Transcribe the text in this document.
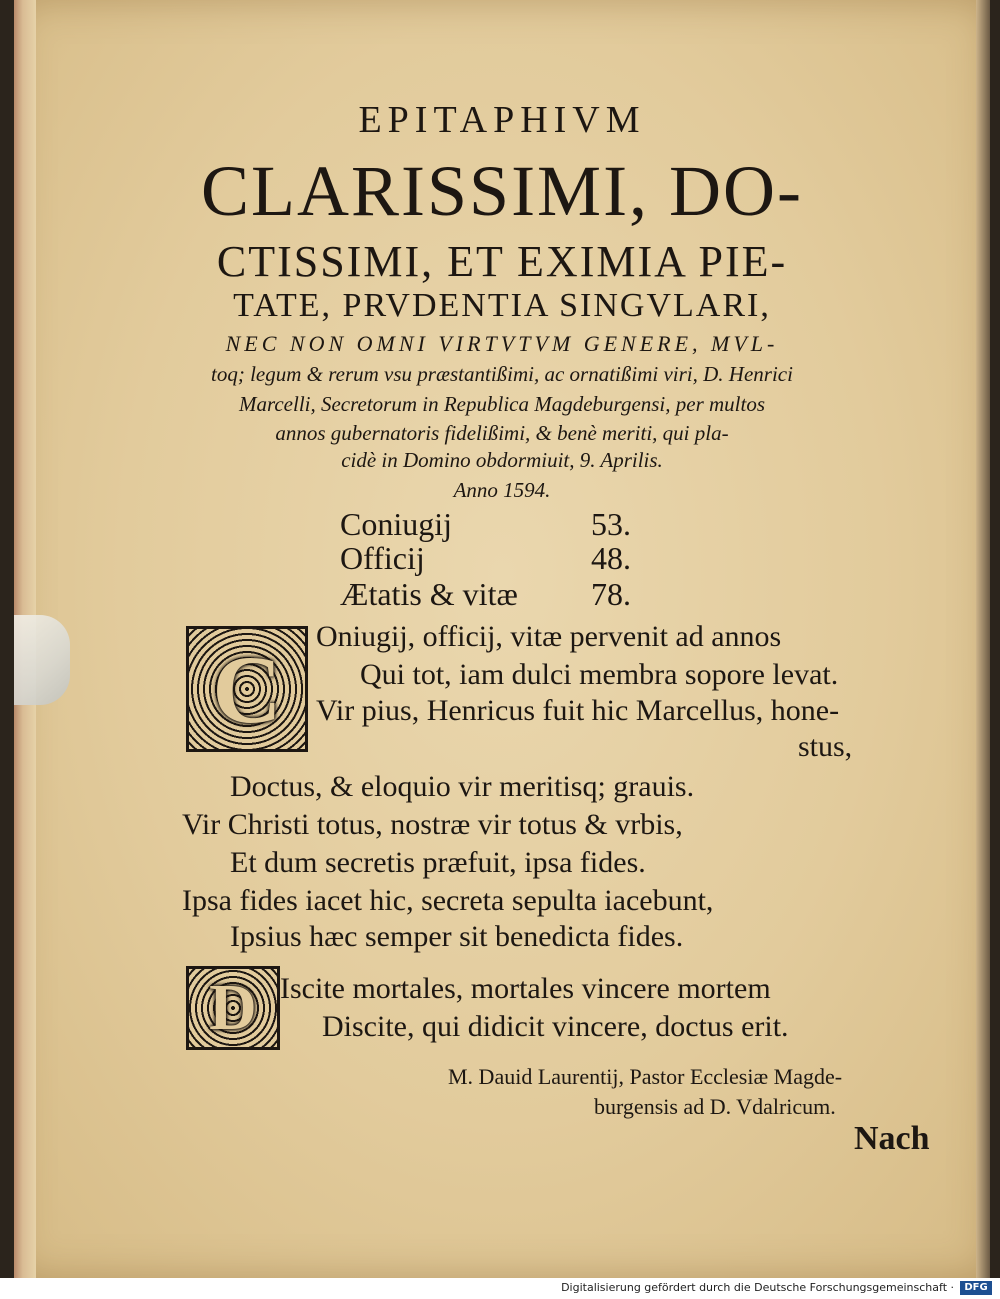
EPITAPHIVM
CLARISSIMI, DO-
CTISSIMI, ET EXIMIA PIE-
TATE, PRVDENTIA SINGVLARI,
NEC NON OMNI VIRTVTVM GENERE, MVL-
toq; legum & rerum vsu præstantißimi, ac ornatißimi viri, D. Henrici
Marcelli, Secretorum in Republica Magdeburgensi, per multos
annos gubernatoris fidelißimi, & benè meriti, qui pla-
cidè in Domino obdormiuit, 9. Aprilis.
Anno 1594.
Coniugij	53.
Officij	48.
Ætatis & vitæ 78.
C	Oniugij, officij, vitæ pervenit ad annos
Qui tot, iam dulci membra sopore levat.
Vir pius, Henricus fuit hic Marcellus, hone-
stus,
Doctus, & eloquio vir meritisq; grauis.
Vir Christi totus, nostræ vir totus & vrbis,
Et dum secretis præfuit, ipsa fides.
Ipsa fides iacet hic, secreta sepulta iacebunt,
Ipsius hæc semper sit benedicta fides.
D Iscite mortales, mortales vincere mortem
Discite, qui didicit vincere, doctus erit.
M. Dauid Laurentij, Pastor Ecclesiæ Magde-
burgensis ad D. Vdalricum.
Nach
Digitalisierung gefördert durch die Deutsche Forschungsgemeinschaft ·	DFG
